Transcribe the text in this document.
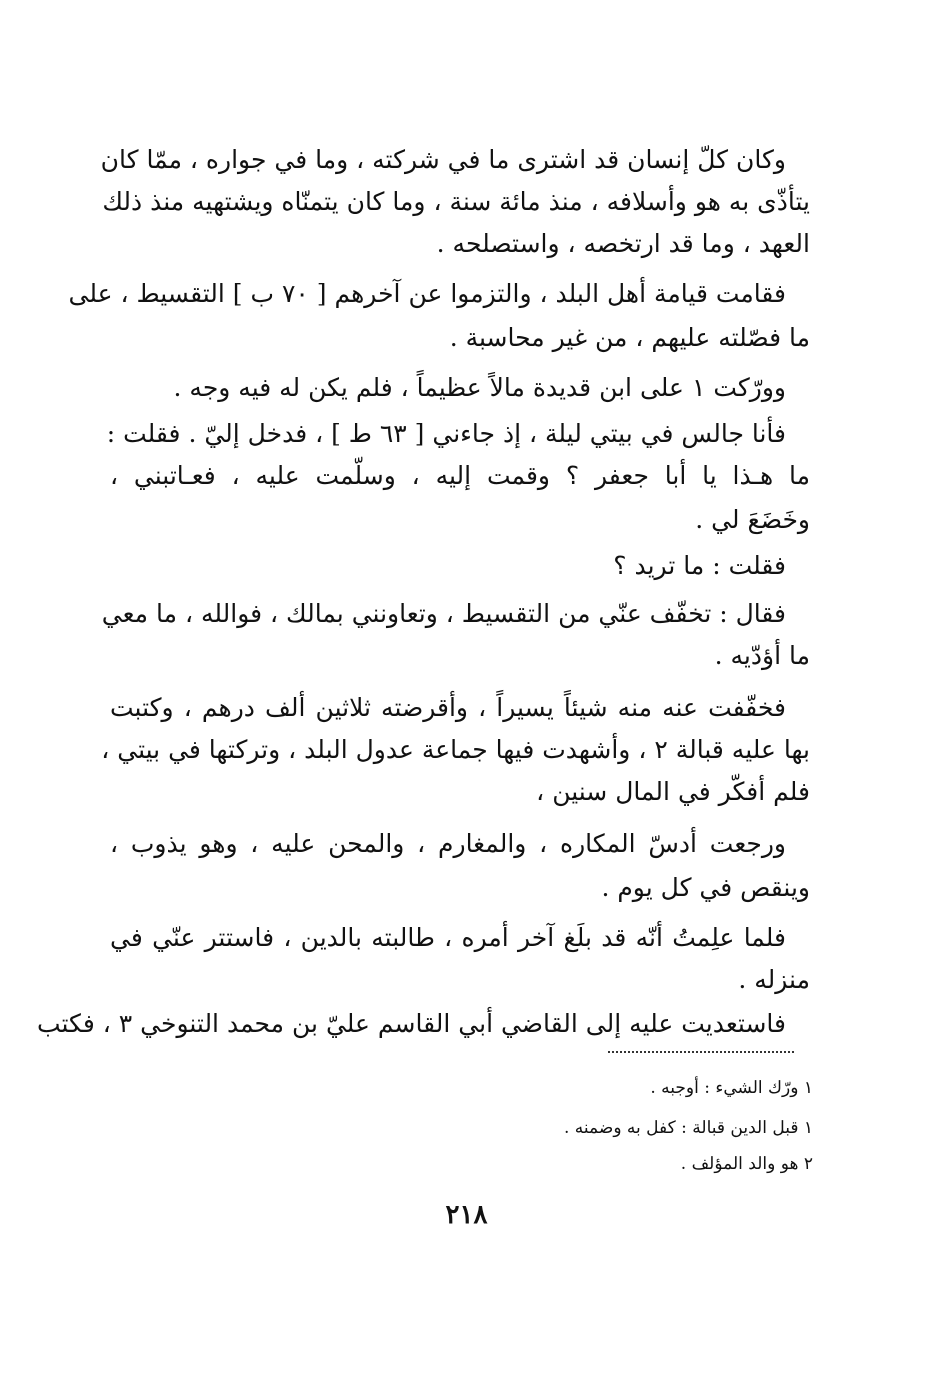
وكان كلّ إنسان قد اشترى ما في شركته ، وما في جواره ، ممّا كان
يتأذّى به هو وأسلافه ، منذ مائة سنة ، وما كان يتمنّاه ويشتهيه منذ ذلك
العهد ، وما قد ارتخصه ، واستصلحه .
فقامت قيامة أهل البلد ، والتزموا عن آخرهم [ ٧٠ ب ] التقسيط ، على
ما فصّلته عليهم ، من غير محاسبة .
وورّكت ١ على ابن قديدة مالاً عظيماً ، فلم يكن له فيه وجه .
فأنا جالس في بيتي ليلة ، إذ جاءني [ ٦٣ ط ] ، فدخل إليّ . فقلت :
ما هـذا يا أبا جعفر ؟ وقمت إليه ، وسلّمت عليه ، فعـاتبني ،
وخَضَعَ لي .
فقلت : ما تريد ؟
فقال : تخفّف عنّي من التقسيط ، وتعاونني بمالك ، فوالله ، ما معي
ما أؤدّيه .
فخفّفت عنه منه شيئاً يسيراً ، وأقرضته ثلاثين ألف درهم ، وكتبت
بها عليه قبالة ٢ ، وأشهدت فيها جماعة عدول البلد ، وتركتها في بيتي ،
فلم أفكّر في المال سنين ،
ورجعت أدسّ المكاره ، والمغارم ، والمحن عليه ، وهو يذوب ،
وينقص في كل يوم .
فلما علِمتُ أنّه قد بلَغ آخر أمره ، طالبته بالدين ، فاستتر عنّي في
منزله .
فاستعديت عليه إلى القاضي أبي القاسم عليّ بن محمد التنوخي ٣ ، فكتب
١ ورّك الشيء : أوجبه .
١ قبل الدين قبالة : كفل به وضمنه .
٢ هو والد المؤلف .
٢١٨
